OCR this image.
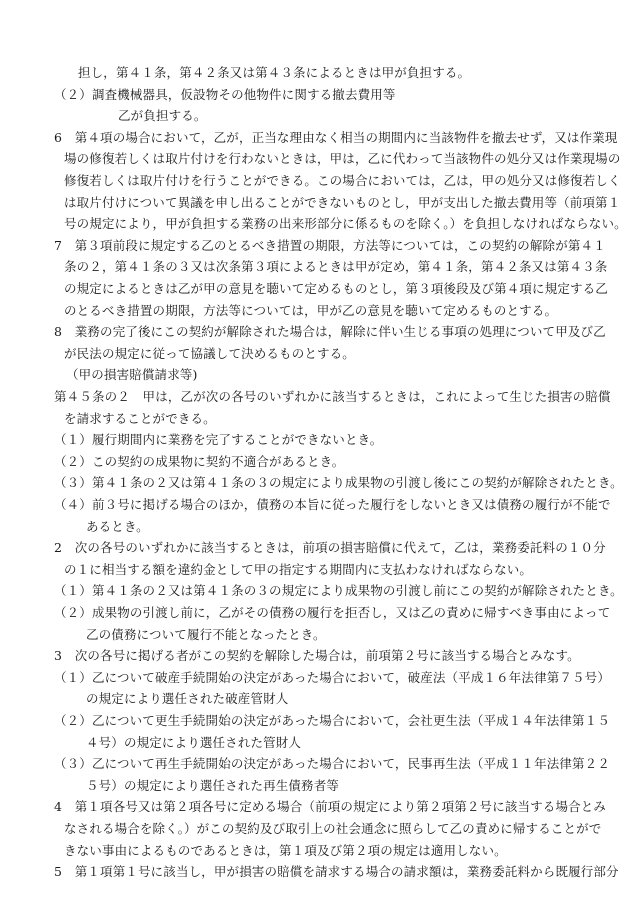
担し，第４１条，第４２条又は第４３条によるときは甲が負担する。
（２）調査機械器具，仮設物その他物件に関する撤去費用等
乙が負担する。
6　第４項の場合において，乙が，正当な理由なく相当の期間内に当該物件を撤去せず，又は作業現
場の修復若しくは取片付けを行わないときは，甲は，乙に代わって当該物件の処分又は作業現場の
修復若しくは取片付けを行うことができる。この場合においては，乙は，甲の処分又は修復若しく
は取片付けについて異議を申し出ることができないものとし，甲が支出した撤去費用等（前項第１
号の規定により，甲が負担する業務の出来形部分に係るものを除く。）を負担しなければならない。
7　第３項前段に規定する乙のとるべき措置の期限，方法等については，この契約の解除が第４１
条の２，第４１条の３又は次条第３項によるときは甲が定め，第４１条，第４２条又は第４３条
の規定によるときは乙が甲の意見を聴いて定めるものとし，第３項後段及び第４項に規定する乙
のとるべき措置の期限，方法等については，甲が乙の意見を聴いて定めるものとする。
8　業務の完了後にこの契約が解除された場合は，解除に伴い生じる事項の処理について甲及び乙
が民法の規定に従って協議して決めるものとする。
（甲の損害賠償請求等)
第４５条の２　甲は，乙が次の各号のいずれかに該当するときは，これによって生じた損害の賠償
を請求することができる。
（１）履行期間内に業務を完了することができないとき。
（２）この契約の成果物に契約不適合があるとき。
（３）第４１条の２又は第４１条の３の規定により成果物の引渡し後にこの契約が解除されたとき。
（４）前３号に掲げる場合のほか，債務の本旨に従った履行をしないとき又は債務の履行が不能で
あるとき。
2　次の各号のいずれかに該当するときは，前項の損害賠償に代えて，乙は，業務委託料の１０分
の１に相当する額を違約金として甲の指定する期間内に支払わなければならない。
（１）第４１条の２又は第４１条の３の規定により成果物の引渡し前にこの契約が解除されたとき。
（２）成果物の引渡し前に，乙がその債務の履行を拒否し，又は乙の責めに帰すべき事由によって
乙の債務について履行不能となったとき。
3　次の各号に掲げる者がこの契約を解除した場合は，前項第２号に該当する場合とみなす。
（１）乙について破産手続開始の決定があった場合において，破産法（平成１６年法律第７５号）
の規定により選任された破産管財人
（２）乙について更生手続開始の決定があった場合において，会社更生法（平成１４年法律第１５
４号）の規定により選任された管財人
（３）乙について再生手続開始の決定があった場合において，民事再生法（平成１１年法律第２２
５号）の規定により選任された再生債務者等
4　第１項各号又は第２項各号に定める場合（前項の規定により第２項第２号に該当する場合とみ
なされる場合を除く。）がこの契約及び取引上の社会通念に照らして乙の責めに帰することがで
きない事由によるものであるときは，第１項及び第２項の規定は適用しない。
5　第１項第１号に該当し，甲が損害の賠償を請求する場合の請求額は，業務委託料から既履行部分
